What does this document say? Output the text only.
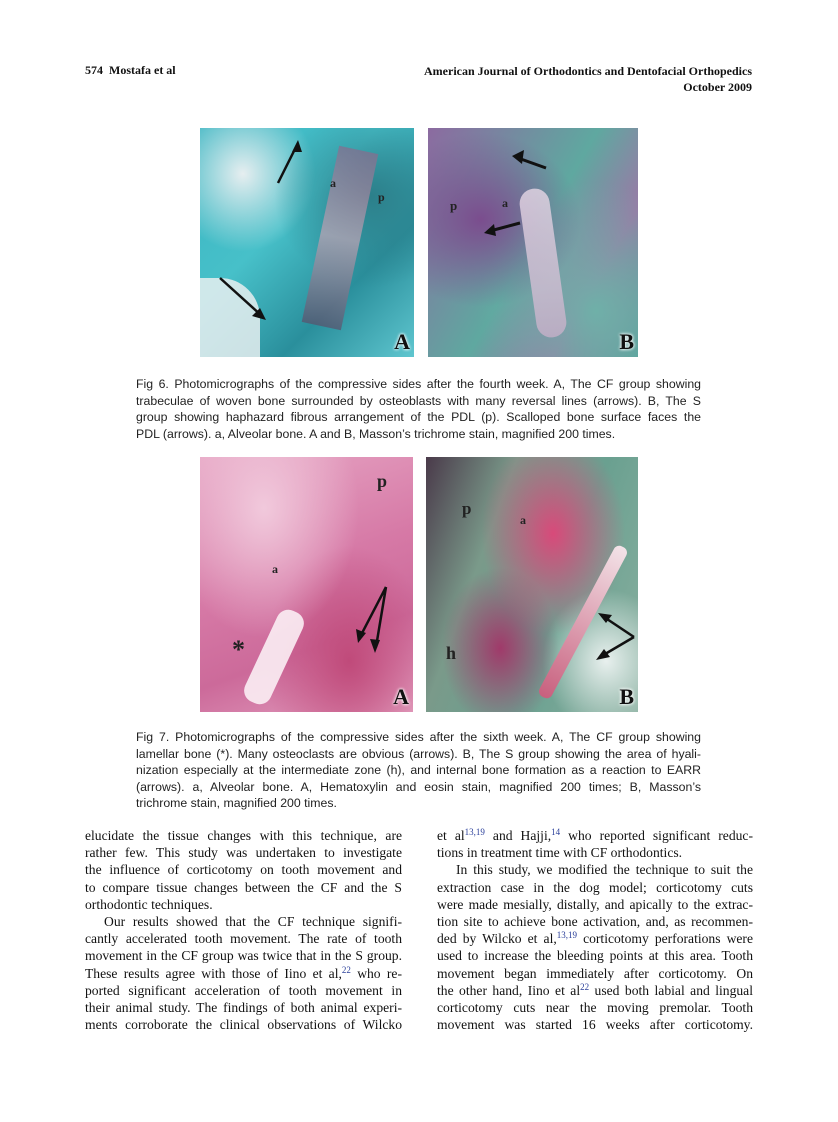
574 Mostafa et al	American Journal of Orthodontics and Dentofacial Orthopedics
October 2009
a
p
A
p	a
B
Fig 6. Photomicrographs of the compressive sides after the fourth week. A, The CF group showing
trabeculae of woven bone surrounded by osteoblasts with many reversal lines (arrows). B, The S
group showing haphazard fibrous arrangement of the PDL (p). Scalloped bone surface faces the
PDL (arrows). a, Alveolar bone. A and B, Masson’s trichrome stain, magnified 200 times.
p
a
*
A
p
a
h
B
Fig 7. Photomicrographs of the compressive sides after the sixth week. A, The CF group showing
lamellar bone (*). Many osteoclasts are obvious (arrows). B, The S group showing the area of hyali-
nization especially at the intermediate zone (h), and internal bone formation as a reaction to EARR
(arrows). a, Alveolar bone. A, Hematoxylin and eosin stain, magnified 200 times; B, Masson’s
trichrome stain, magnified 200 times.
elucidate the tissue changes with this technique, are
rather few. This study was undertaken to investigate
the influence of corticotomy on tooth movement and
to compare tissue changes between the CF and the S
orthodontic techniques.
Our results showed that the CF technique signifi-
cantly accelerated tooth movement. The rate of tooth
movement in the CF group was twice that in the S group.
These results agree with those of Iino et al,$^{22}$ who re-
ported significant acceleration of tooth movement in
their animal study. The findings of both animal experi-
ments corroborate the clinical observations of Wilcko
et al$^{13,19}$ and Hajji,$^{14}$ who reported significant reduc-
tions in treatment time with CF orthodontics.
In this study, we modified the technique to suit the
extraction case in the dog model; corticotomy cuts
were made mesially, distally, and apically to the extrac-
tion site to achieve bone activation, and, as recommen-
ded by Wilcko et al,$^{13,19}$ corticotomy perforations were
used to increase the bleeding points at this area. Tooth
movement began immediately after corticotomy. On
the other hand, Iino et $al^{22}$ used both labial and lingual
corticotomy cuts near the moving premolar. Tooth
movement was started 16 weeks after corticotomy.
